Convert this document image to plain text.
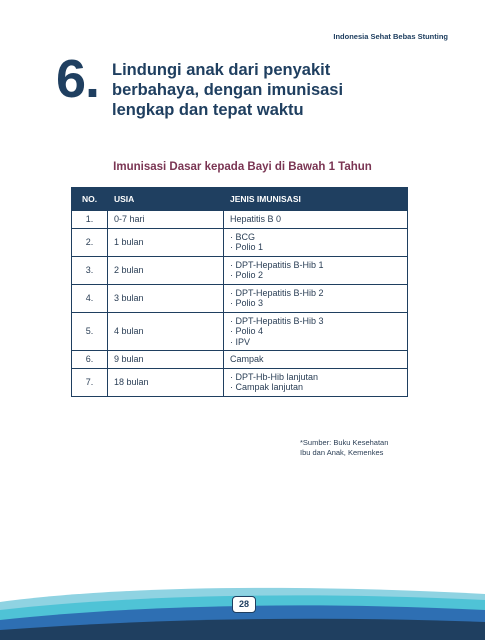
Indonesia Sehat Bebas Stunting
6. Lindungi anak dari penyakit berbahaya, dengan imunisasi lengkap dan tepat waktu
Imunisasi Dasar kepada Bayi di Bawah 1 Tahun
NO.	USIA	JENIS IMUNISASI
1.	0-7 hari	Hepatitis B 0

2.	1 bulan	· BCG
· Polio 1

3.	2 bulan	· DPT-Hepatitis B-Hib 1
· Polio 2

4.	3 bulan	· DPT-Hepatitis B-Hib 2
· Polio 3

5.	4 bulan	· DPT-Hepatitis B-Hib 3
· Polio 4
· IPV

6.	9 bulan	Campak

7.	18 bulan	· DPT-Hb-Hib lanjutan
· Campak lanjutan
*Sumber: Buku Kesehatan
Ibu dan Anak, Kemenkes
28
